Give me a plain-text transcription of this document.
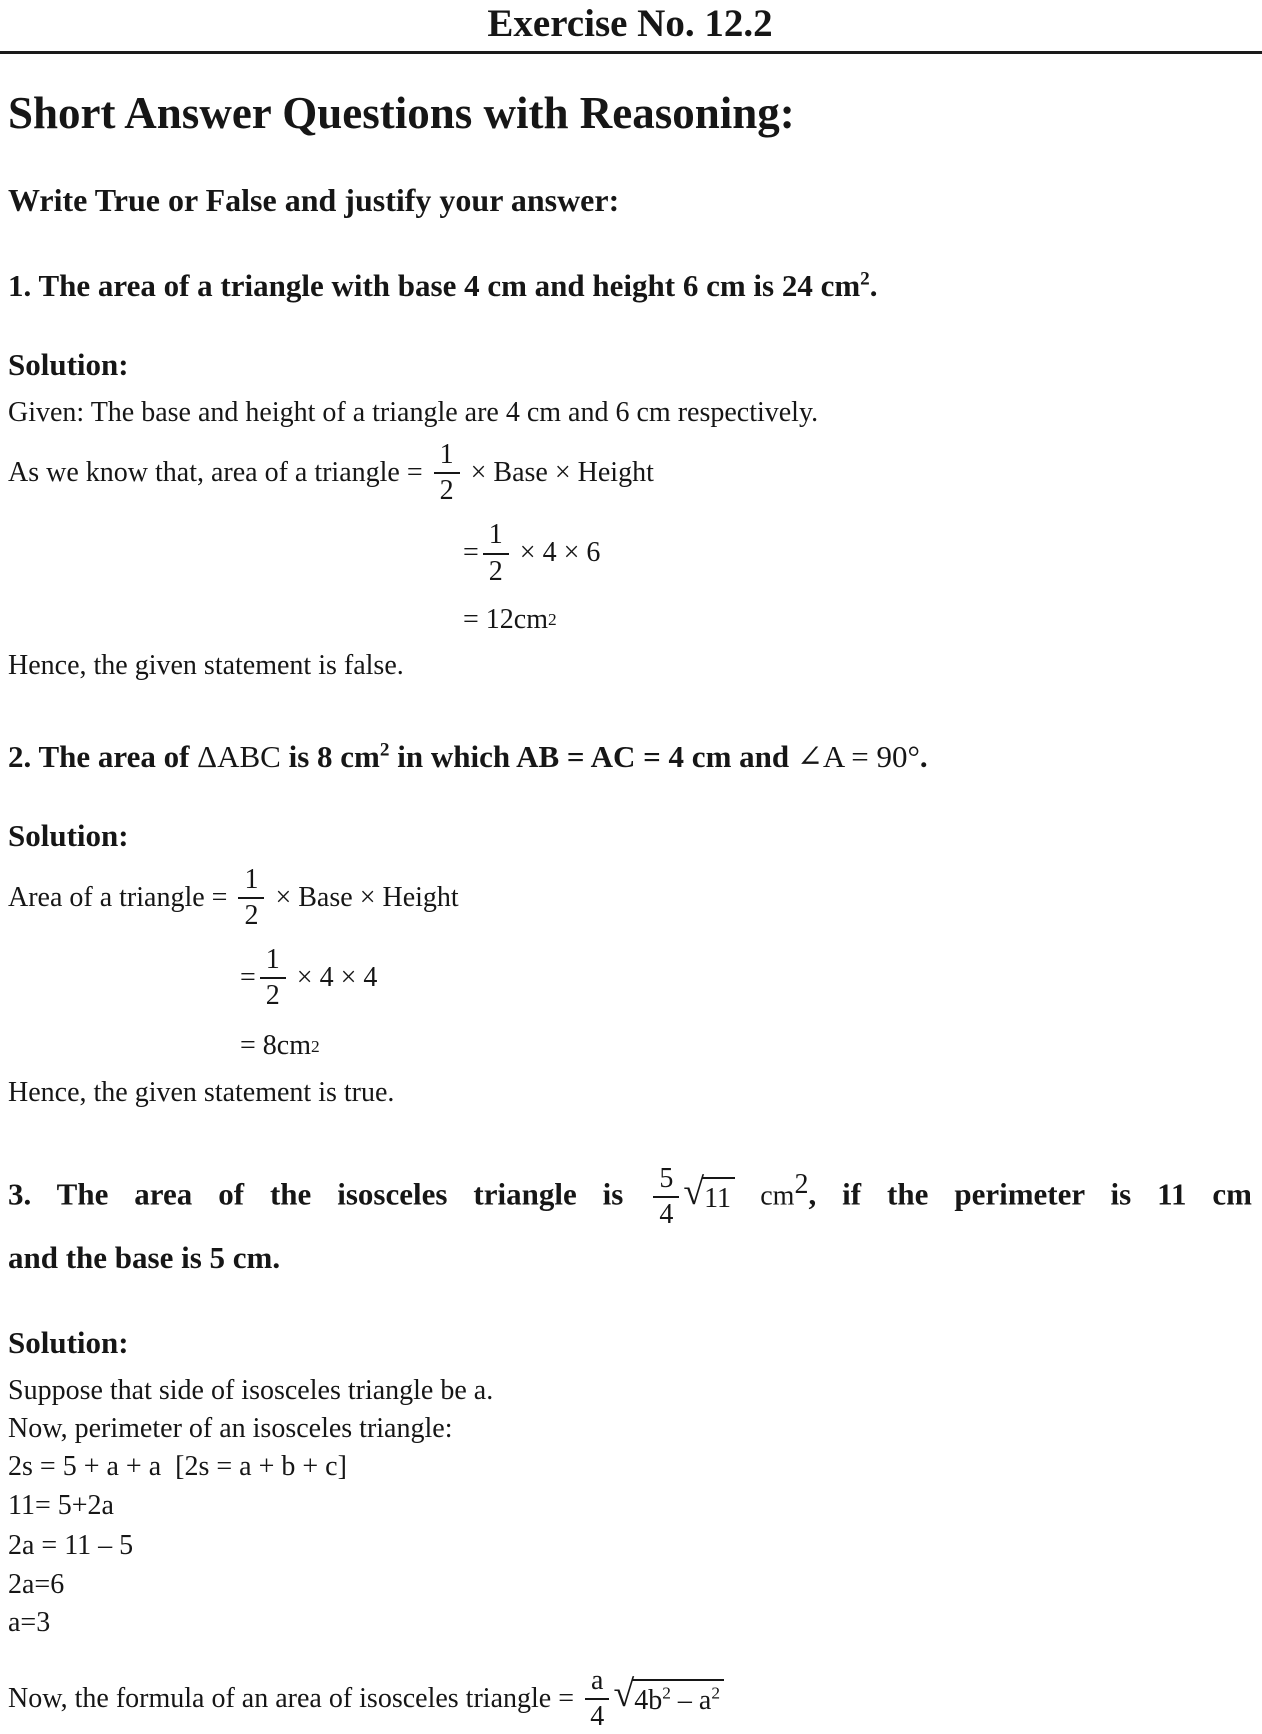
Exercise No. 12.2
Short Answer Questions with Reasoning:

Write True or False and justify your answer:

1. The area of a triangle with base 4 cm and height 6 cm is 24 $cm^2$.

Solution:

Given: The base and height of a triangle are 4 cm and 6 cm respectively.

As we know that, area of a triangle = $\frac{1}{2}$ × Base × Height
= $\frac{1}{2} \times 4 \times 6$
= 12cm 2

Hence, the given statement is false.

2. The area of ΔABC is 8 $cm^2$ in which AB = AC = 4 cm and ∠A = 90°.

Solution:
Area of a triangle = $\frac{1}{2}$ × Base × Height
= $\frac{1}{2} \times 4 \times 4$
= 8cm 2

Hence, the given statement is true.

3. The area of the isosceles triangle is $\frac{5}{4}$ √ 11 $cm^2$, if the perimeter is 11 cm

and the base is 5 cm.

Solution:

Suppose that side of isosceles triangle be a.

Now, perimeter of an isosceles triangle:

2s = 5 + a + a  [2s = a + b + c]

11= 5+2a

2a = 11 – 5

2a=6

a=3

Now, the formula of an area of isosceles triangle = $\frac{a}{4}$ √ $4b^2 - a^2$
